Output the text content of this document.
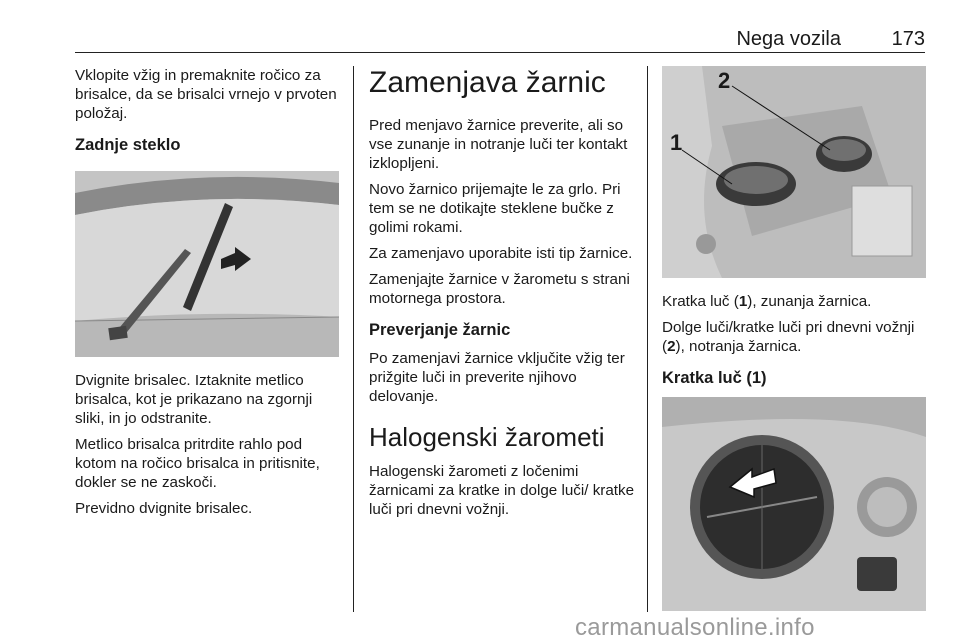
Nega vozila	173

Vklopite vžig in premaknite ročico za brisalce, da se brisalci vrnejo v prvoten položaj.

Zadnje steklo

Dvignite brisalec. Iztaknite metlico brisalca, kot je prikazano na zgornji sliki, in jo odstranite.

Metlico brisalca pritrdite rahlo pod kotom na ročico brisalca in pritisnite, dokler se ne zaskoči.

Previdno dvignite brisalec.

Zamenjava žarnic

Pred menjavo žarnice preverite, ali so vse zunanje in notranje luči ter kontakt izklopljeni.

Novo žarnico prijemajte le za grlo. Pri tem se ne dotikajte steklene bučke z golimi rokami.

Za zamenjavo uporabite isti tip žarnice.

Zamenjajte žarnice v žarometu s strani motornega prostora.

Preverjanje žarnic

Po zamenjavi žarnice vključite vžig ter prižgite luči in preverite njihovo delovanje.

Halogenski žarometi

Halogenski žarometi z ločenimi žarnicami za kratke in dolge luči/ kratke luči pri dnevni vožnji.

1
2

Kratka luč (1), zunanja žarnica.

Dolge luči/kratke luči pri dnevni vožnji (2), notranja žarnica.

Kratka luč (1)
carmanualsonline.info
